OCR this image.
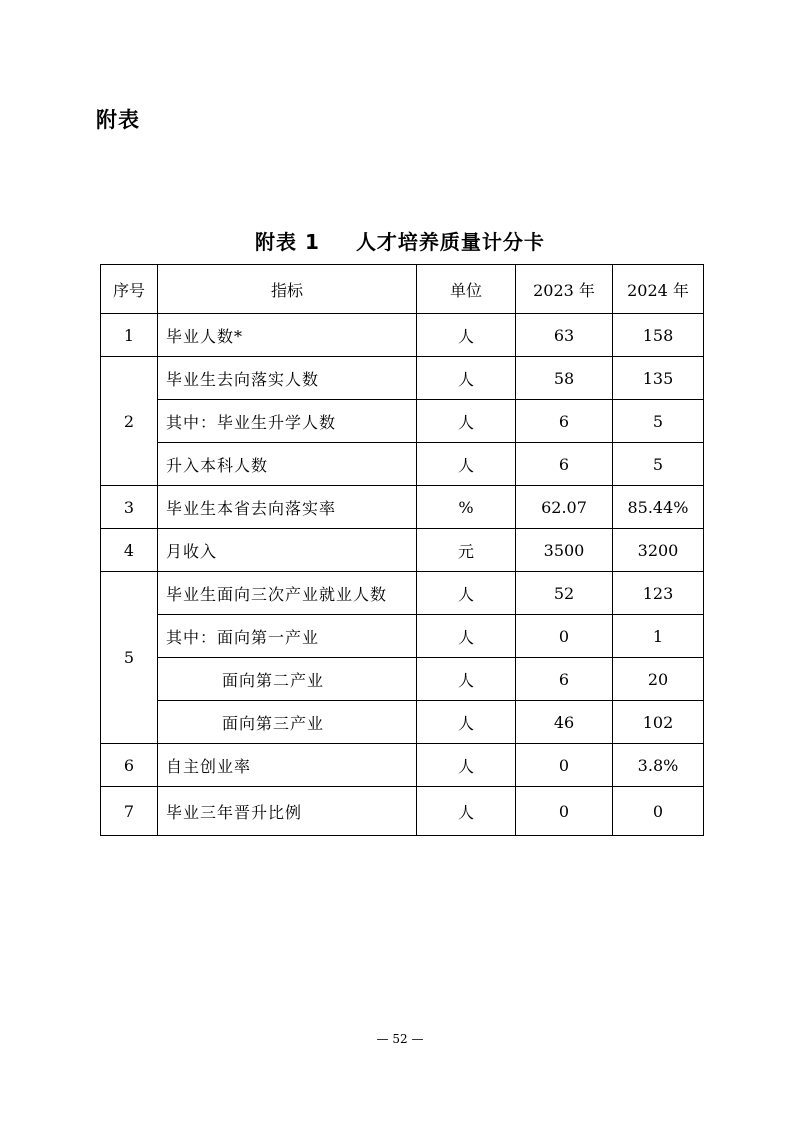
附表
附表 1 人才培养质量计分卡
序号	指标	单位	2023 年	2024 年
1	毕业人数*	人	63	158
2	毕业生去向落实人数	人	58	135
	其中：毕业生升学人数	人	6	5
	升入本科人数	人	6	5
3	毕业生本省去向落实率	%	62.07	85.44%
4	月收入	元	3500	3200
5	毕业生面向三次产业就业人数	人	52	123
	其中：面向第一产业	人	0	1
	面向第二产业	人	6	20
	面向第三产业	人	46	102
6	自主创业率	人	0	3.8%
7	毕业三年晋升比例	人	0	0
— 52 —
